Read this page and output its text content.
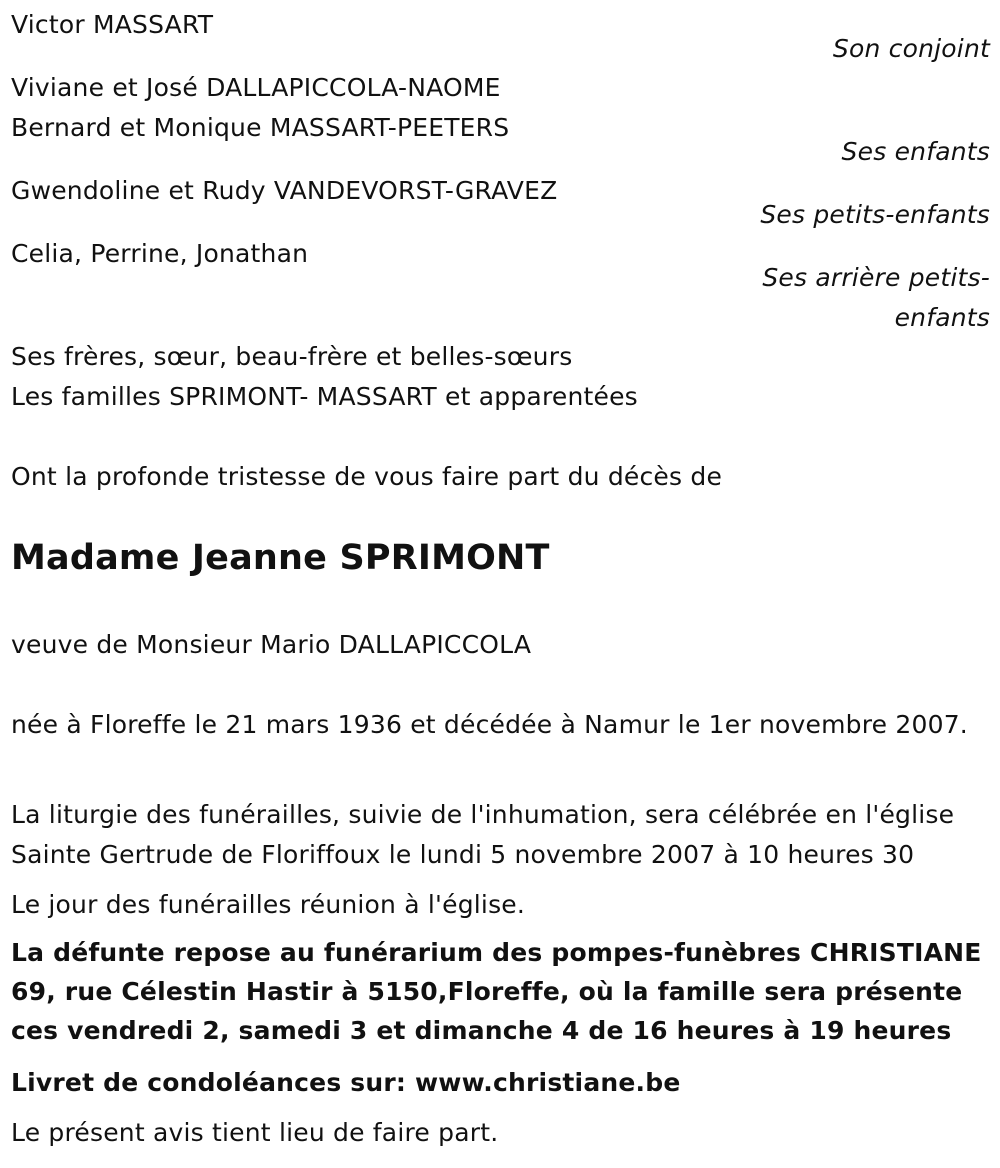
Victor MASSART
Son conjoint
Viviane et José DALLAPICCOLA-NAOME
Bernard et Monique MASSART-PEETERS
Ses enfants
Gwendoline et Rudy VANDEVORST-GRAVEZ
Ses petits-enfants
Celia, Perrine, Jonathan
Ses arrière petits-
enfants
Ses frères, sœur, beau-frère et belles-sœurs
Les familles SPRIMONT- MASSART et apparentées
Ont la profonde tristesse de vous faire part du décès de
Madame Jeanne SPRIMONT
veuve de Monsieur Mario DALLAPICCOLA
née à Floreffe le 21 mars 1936 et décédée à Namur le 1er novembre 2007.
La liturgie des funérailles, suivie de l'inhumation, sera célébrée en l'église Sainte Gertrude de Floriffoux le lundi 5 novembre 2007 à 10 heures 30
Le jour des funérailles réunion à l'église.
La défunte repose au funérarium des pompes-funèbres CHRISTIANE 69, rue Célestin Hastir à 5150,Floreffe, où la famille sera présente ces vendredi 2, samedi 3 et dimanche 4 de 16 heures à 19 heures
Livret de condoléances sur: www.christiane.be
Le présent avis tient lieu de faire part.
